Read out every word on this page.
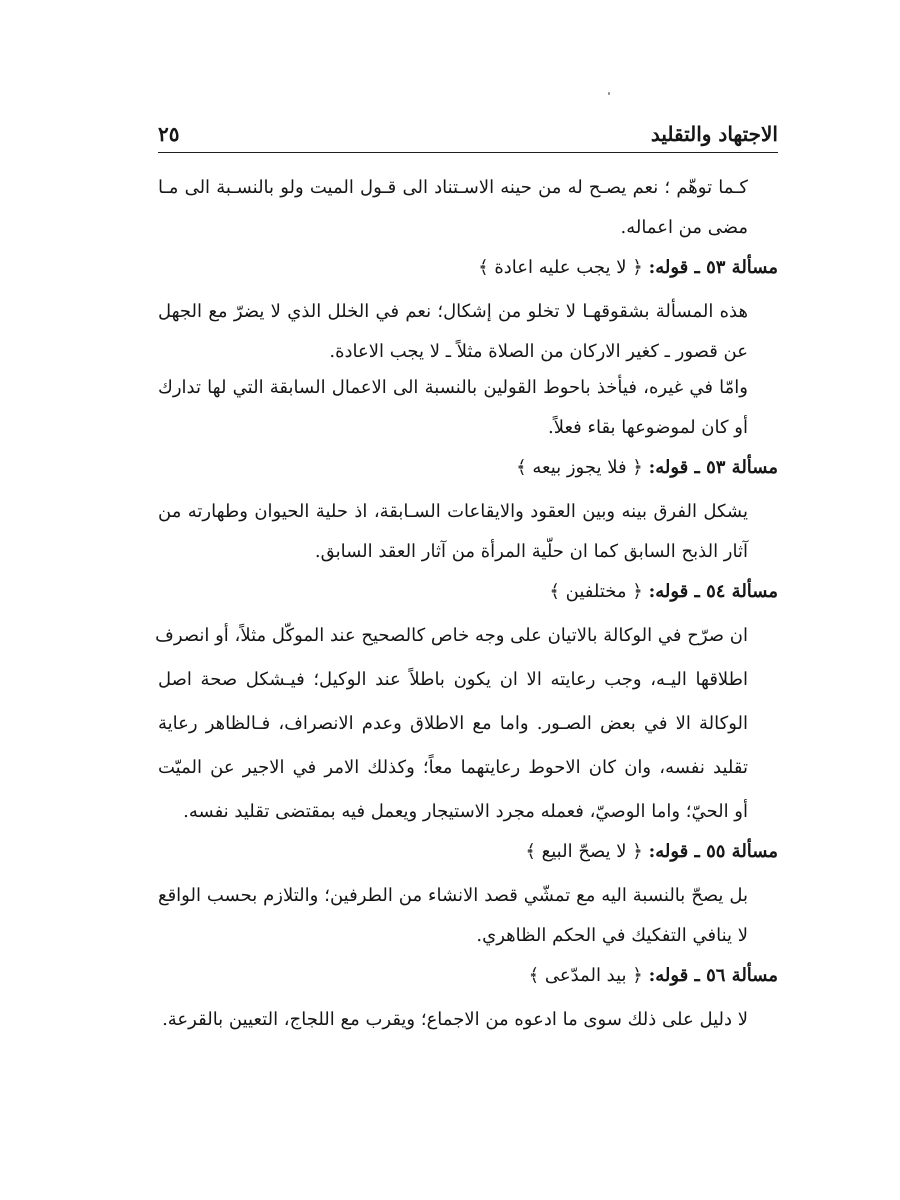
الاجتهاد والتقليد
٢٥
كـما توهّم ؛ نعم يصـح له من حينه الاسـتناد الى قـول الميت ولو بالنسـبة الى مـا
مضى من اعماله.
مسألة ٥٣ ـ قوله: ﴿ لا يجب عليه اعادة ﴾
هذه المسألة بشقوقهـا لا تخلو من إشكال؛ نعم في الخلل الذي لا يضرّ مع الجهل
عن قصور ـ كغير الاركان من الصلاة مثلاً ـ لا يجب الاعادة.
وامّا في غيره، فيأخذ باحوط القولين بالنسبة الى الاعمال السابقة التي لها تدارك
أو كان لموضوعها بقاء فعلاً.
مسألة ٥٣ ـ قوله: ﴿ فلا يجوز بيعه ﴾
يشكل الفرق بينه وبين العقود والايقاعات السـابقة، اذ حلية الحيوان وطهارته من
آثار الذبح السابق كما ان حلّية المرأة من آثار العقد السابق.
مسألة ٥٤ ـ قوله: ﴿ مختلفين ﴾
ان صرّح في الوكالة بالاتيان على وجه خاص كالصحيح عند الموكّل مثلاً، أو انصرف
اطلاقها اليـه، وجب رعايته الا ان يكون باطلاً عند الوكيل؛ فيـشكل صحة اصل
الوكالة الا في بعض الصـور. واما مع الاطلاق وعدم الانصراف، فـالظاهر رعاية
تقليد نفسه، وان كان الاحوط رعايتهما معاً؛ وكذلك الامر في الاجير عن الميّت
أو الحيّ؛ واما الوصيّ، فعمله مجرد الاستيجار ويعمل فيه بمقتضى تقليد نفسه.
مسألة ٥٥ ـ قوله: ﴿ لا يصحّ البيع ﴾
بل يصحّ بالنسبة اليه مع تمشّي قصد الانشاء من الطرفين؛ والتلازم بحسب الواقع
لا ينافي التفكيك في الحكم الظاهري.
مسألة ٥٦ ـ قوله: ﴿ بيد المدّعى ﴾
لا دليل على ذلك سوى ما ادعوه من الاجماع؛ ويقرب مع اللجاج، التعيين بالقرعة.
